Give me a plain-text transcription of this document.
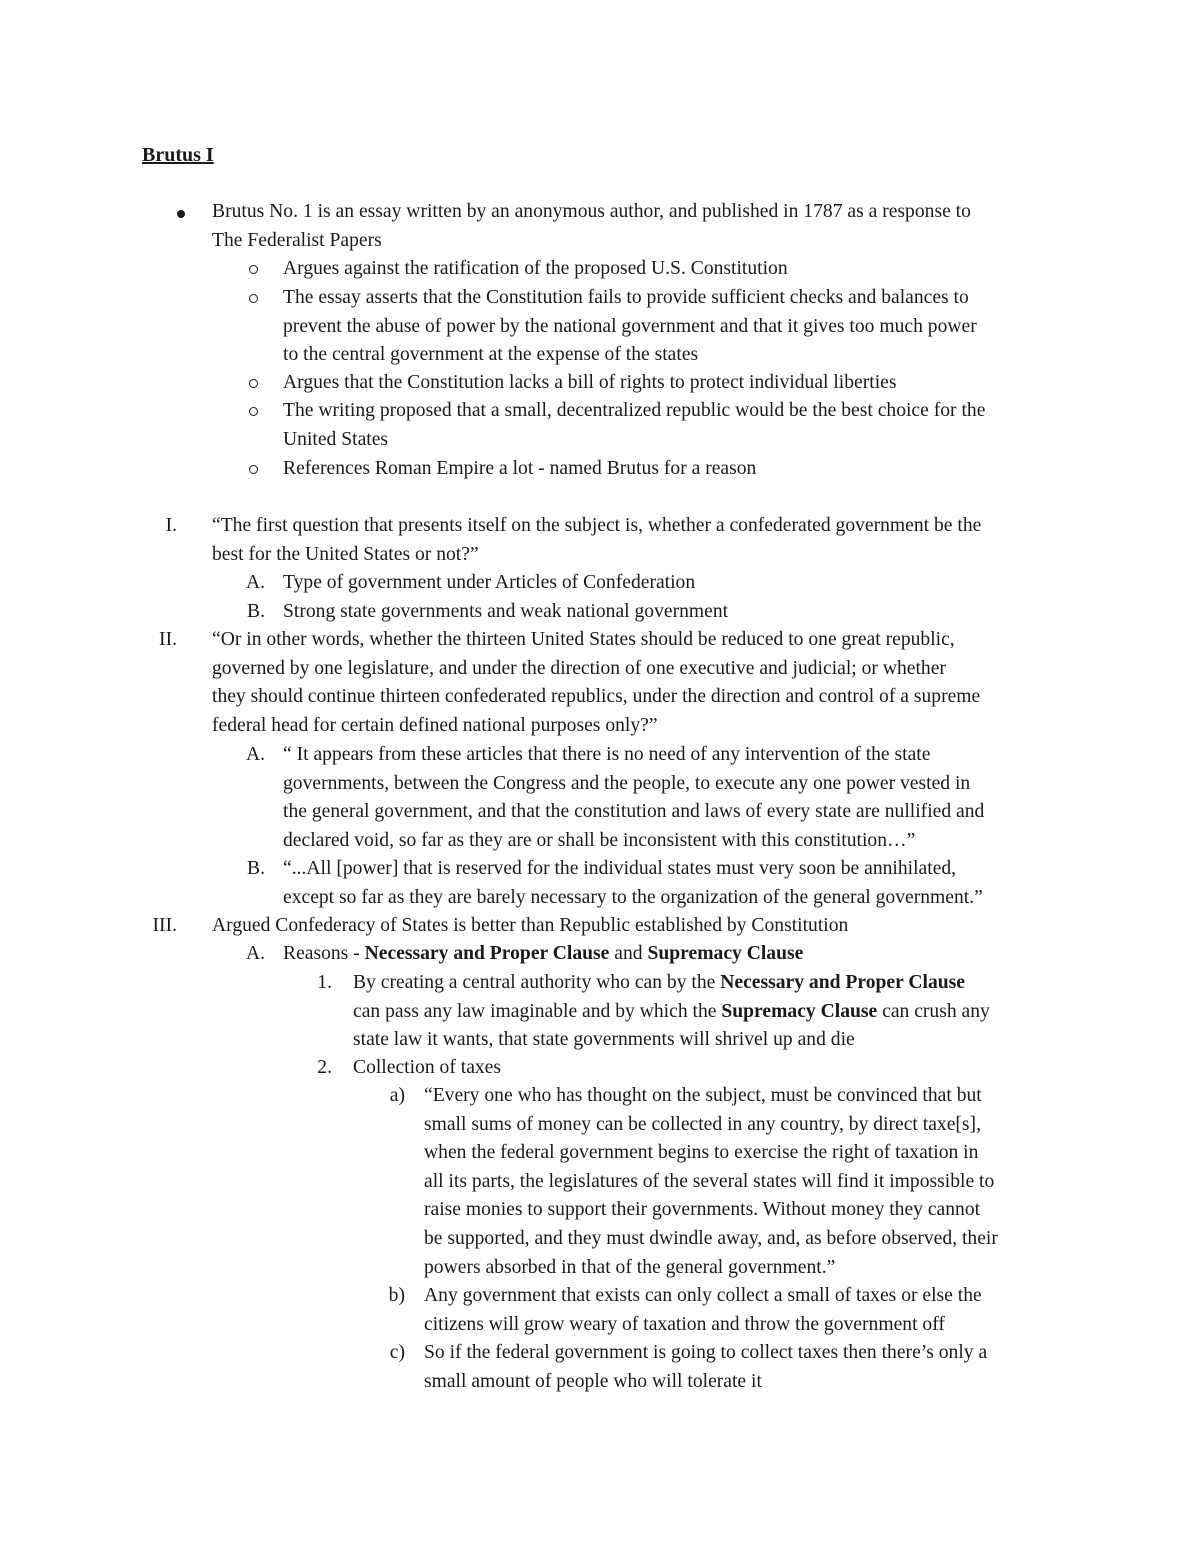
Brutus I
Brutus No. 1 is an essay written by an anonymous author, and published in 1787 as a response to
The Federalist Papers
Argues against the ratification of the proposed U.S. Constitution
The essay asserts that the Constitution fails to provide sufficient checks and balances to
prevent the abuse of power by the national government and that it gives too much power
to the central government at the expense of the states
Argues that the Constitution lacks a bill of rights to protect individual liberties
The writing proposed that a small, decentralized republic would be the best choice for the
United States
References Roman Empire a lot - named Brutus for a reason
I. “The first question that presents itself on the subject is, whether a confederated government be the
best for the United States or not?”
A. Type of government under Articles of Confederation
B. Strong state governments and weak national government
II. “Or in other words, whether the thirteen United States should be reduced to one great republic,
governed by one legislature, and under the direction of one executive and judicial; or whether
they should continue thirteen confederated republics, under the direction and control of a supreme
federal head for certain defined national purposes only?”
A. “ It appears from these articles that there is no need of any intervention of the state
governments, between the Congress and the people, to execute any one power vested in
the general government, and that the constitution and laws of every state are nullified and
declared void, so far as they are or shall be inconsistent with this constitution…”
B. “...All [power] that is reserved for the individual states must very soon be annihilated,
except so far as they are barely necessary to the organization of the general government.”
III. Argued Confederacy of States is better than Republic established by Constitution
A. Reasons - Necessary and Proper Clause and Supremacy Clause
1. By creating a central authority who can by the Necessary and Proper Clause
can pass any law imaginable and by which the Supremacy Clause can crush any
state law it wants, that state governments will shrivel up and die
2. Collection of taxes
a) “Every one who has thought on the subject, must be convinced that but
small sums of money can be collected in any country, by direct taxe[s],
when the federal government begins to exercise the right of taxation in
all its parts, the legislatures of the several states will find it impossible to
raise monies to support their governments. Without money they cannot
be supported, and they must dwindle away, and, as before observed, their
powers absorbed in that of the general government.”
b) Any government that exists can only collect a small of taxes or else the
citizens will grow weary of taxation and throw the government off
c) So if the federal government is going to collect taxes then there’s only a
small amount of people who will tolerate it
